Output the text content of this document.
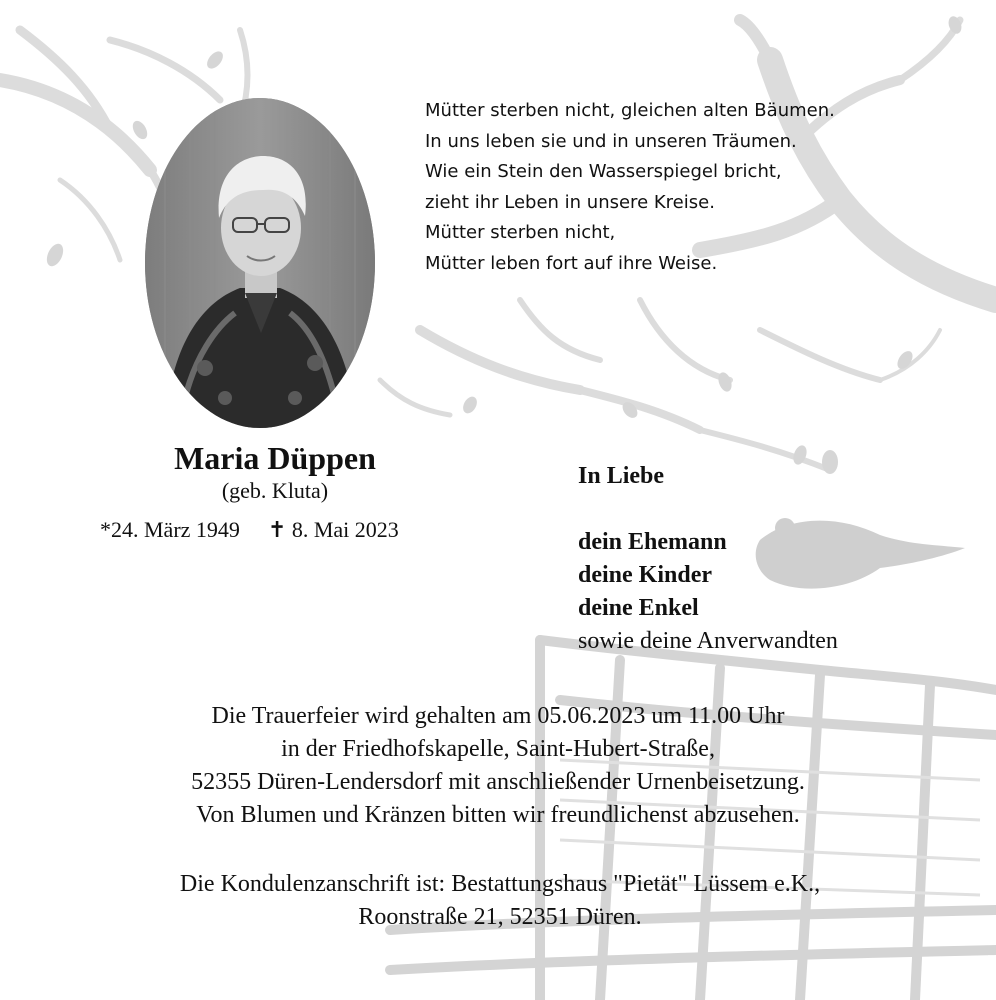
Mütter sterben nicht, gleichen alten Bäumen.
In uns leben sie und in unseren Träumen.
Wie ein Stein den Wasserspiegel bricht,
zieht ihr Leben in unsere Kreise.
Mütter sterben nicht,
Mütter leben fort auf ihre Weise.
Maria Düppen
(geb. Kluta)
*24. März 1949 ✝ 8. Mai 2023
In Liebe
dein Ehemann
deine Kinder
deine Enkel
sowie deine Anverwandten
Die Trauerfeier wird gehalten am 05.06.2023 um 11.00 Uhr
in der Friedhofskapelle, Saint-Hubert-Straße,
52355 Düren-Lendersdorf mit anschließender Urnenbeisetzung.
Von Blumen und Kränzen bitten wir freundlichenst abzusehen.
Die Kondulenzanschrift ist: Bestattungshaus "Pietät" Lüssem e.K.,
Roonstraße 21, 52351 Düren.
